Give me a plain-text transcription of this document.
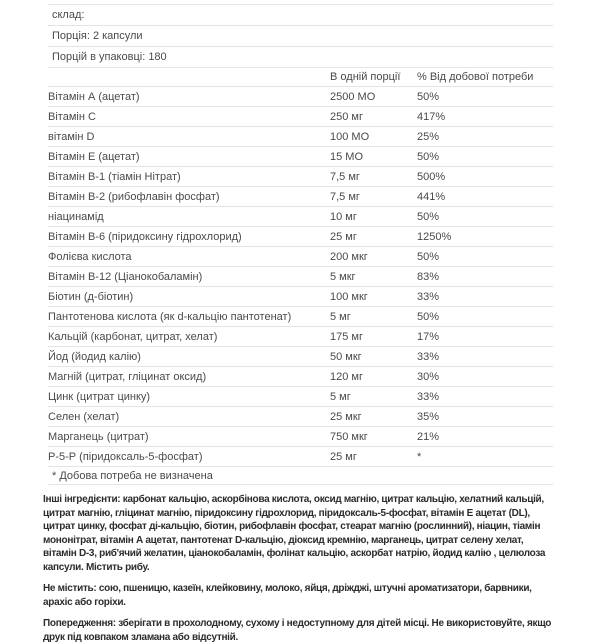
склад:		
Порція: 2 капсули		
Порцій в упаковці: 180		
	В одній порції	% Від добової потреби
Вітамін А (ацетат)	2500 МО	50%
Вітамін С	250 мг	417%
вітамін D	100 МО	25%
Вітамін Е (ацетат)	15 МО	50%
Вітамін В-1 (тіамін Нітрат)	7,5 мг	500%
Вітамін В-2 (рибофлавін фосфат)	7,5 мг	441%
ніацинамід	10 мг	50%
Вітамін В-6 (піридоксину гідрохлорид)	25 мг	1250%
Фолієва кислота	200 мкг	50%
Вітамін В-12 (Ціанокобаламін)	5 мкг	83%
Біотин (д-біотин)	100 мкг	33%
Пантотенова кислота (як d-кальцію пантотенат)	5 мг	50%
Кальцій (карбонат, цитрат, хелат)	175 мг	17%
Йод (йодид калію)	50 мкг	33%
Магній (цитрат, гліцинат оксид)	120 мг	30%
Цинк (цитрат цинку)	5 мг	33%
Селен (хелат)	25 мкг	35%
Марганець (цитрат)	750 мкг	21%
Р-5-Р (піридоксаль-5-фосфат)	25 мг	*
* Добова потреба не визначена		

Інші інгредієнти: карбонат кальцію, аскорбінова кислота, оксид магнію, цитрат кальцію, хелатний кальцій, цитрат магнію, гліцинат магнію, піридоксину гідрохлорид, піридоксаль-5-фосфат, вітамін Е ацетат (DL), цитрат цинку, фосфат ді-кальцію, біотин, рибофлавін фосфат, стеарат магнію (рослинний), ніацин, тіамін мононітрат, вітамін А ацетат, пантотенат D-кальцію, діоксид кремнію, марганець, цитрат селену хелат, вітамін D-3, риб'ячий желатин, ціанокобаламін, фолінат кальцію, аскорбат натрію, йодид калію , целюлоза капсули. Містить рибу.

Не містить: сою, пшеницю, казеїн, клейковину, молоко, яйця, дріжджі, штучні ароматизатори, барвники, арахіс або горіхи.

Попередження: зберігати в прохолодному, сухому і недоступному для дітей місці. Не використовуйте, якщо друк під ковпаком зламана або відсутній.
